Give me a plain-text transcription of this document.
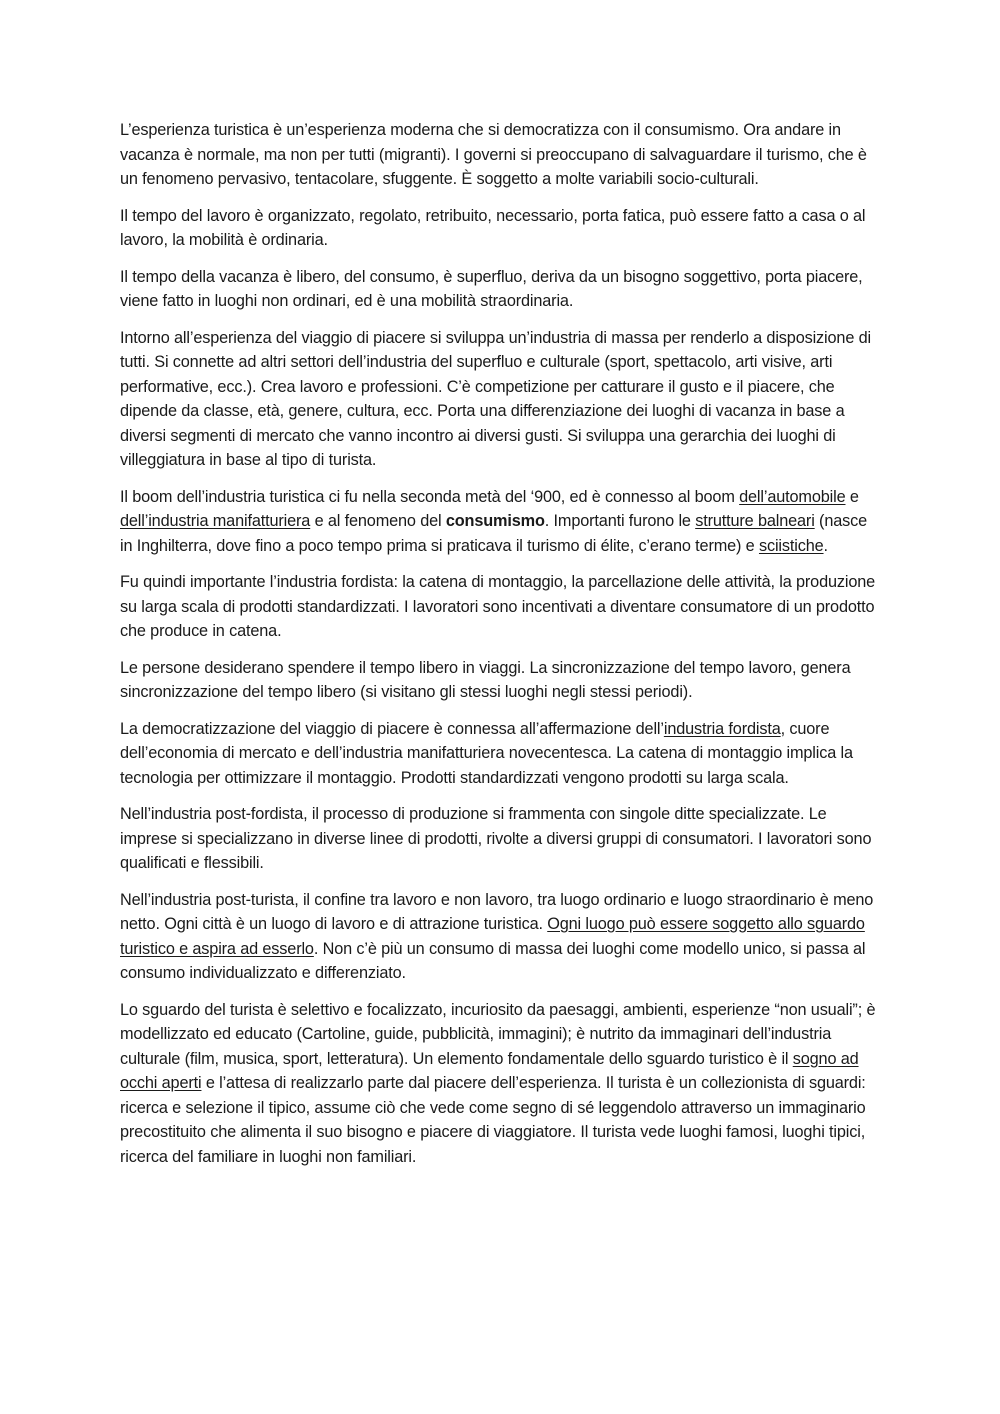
L’esperienza turistica è un’esperienza moderna che si democratizza con il consumismo. Ora andare in vacanza è normale, ma non per tutti (migranti). I governi si preoccupano di salvaguardare il turismo, che è un fenomeno pervasivo, tentacolare, sfuggente. È soggetto a molte variabili socio-culturali.

Il tempo del lavoro è organizzato, regolato, retribuito, necessario, porta fatica, può essere fatto a casa o al lavoro, la mobilità è ordinaria.

Il tempo della vacanza è libero, del consumo, è superfluo, deriva da un bisogno soggettivo, porta piacere, viene fatto in luoghi non ordinari, ed è una mobilità straordinaria.

Intorno all’esperienza del viaggio di piacere si sviluppa un’industria di massa per renderlo a disposizione di tutti. Si connette ad altri settori dell’industria del superfluo e culturale (sport, spettacolo, arti visive, arti performative, ecc.). Crea lavoro e professioni. C’è competizione per catturare il gusto e il piacere, che dipende da classe, età, genere, cultura, ecc. Porta una differenziazione dei luoghi di vacanza in base a diversi segmenti di mercato che vanno incontro ai diversi gusti. Si sviluppa una gerarchia dei luoghi di villeggiatura in base al tipo di turista.

Il boom dell’industria turistica ci fu nella seconda metà del ‘900, ed è connesso al boom dell’automobile e dell’industria manifatturiera e al fenomeno del consumismo. Importanti furono le strutture balneari (nasce in Inghilterra, dove fino a poco tempo prima si praticava il turismo di élite, c’erano terme) e sciistiche.

Fu quindi importante l’industria fordista: la catena di montaggio, la parcellazione delle attività, la produzione su larga scala di prodotti standardizzati. I lavoratori sono incentivati a diventare consumatore di un prodotto che produce in catena.

Le persone desiderano spendere il tempo libero in viaggi. La sincronizzazione del tempo lavoro, genera sincronizzazione del tempo libero (si visitano gli stessi luoghi negli stessi periodi).

La democratizzazione del viaggio di piacere è connessa all’affermazione dell’industria fordista, cuore dell’economia di mercato e dell’industria manifatturiera novecentesca. La catena di montaggio implica la tecnologia per ottimizzare il montaggio. Prodotti standardizzati vengono prodotti su larga scala.

Nell’industria post-fordista, il processo di produzione si frammenta con singole ditte specializzate. Le imprese si specializzano in diverse linee di prodotti, rivolte a diversi gruppi di consumatori. I lavoratori sono qualificati e flessibili.

Nell’industria post-turista, il confine tra lavoro e non lavoro, tra luogo ordinario e luogo straordinario è meno netto. Ogni città è un luogo di lavoro e di attrazione turistica. Ogni luogo può essere soggetto allo sguardo turistico e aspira ad esserlo. Non c’è più un consumo di massa dei luoghi come modello unico, si passa al consumo individualizzato e differenziato.

Lo sguardo del turista è selettivo e focalizzato, incuriosito da paesaggi, ambienti, esperienze “non usuali”; è modellizzato ed educato (Cartoline, guide, pubblicità, immagini); è nutrito da immaginari dell’industria culturale (film, musica, sport, letteratura). Un elemento fondamentale dello sguardo turistico è il sogno ad occhi aperti e l’attesa di realizzarlo parte dal piacere dell’esperienza. Il turista è un collezionista di sguardi: ricerca e selezione il tipico, assume ciò che vede come segno di sé leggendolo attraverso un immaginario precostituito che alimenta il suo bisogno e piacere di viaggiatore. Il turista vede luoghi famosi, luoghi tipici, ricerca del familiare in luoghi non familiari.
